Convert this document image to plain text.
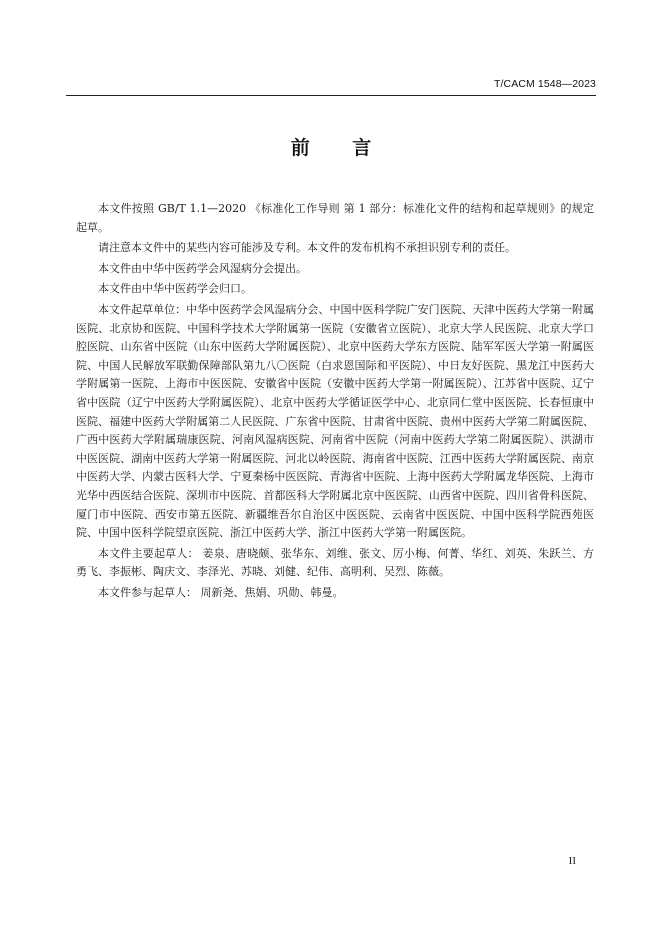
T/CACM 1548—2023
前 言

本文件按照 GB/T 1.1—2020 《标准化工作导则 第 1 部分：标准化文件的结构和起草规则》的规定起草。

请注意本文件中的某些内容可能涉及专利。本文件的发布机构不承担识别专利的责任。

本文件由中华中医药学会风湿病分会提出。

本文件由中华中医药学会归口。

本文件起草单位：中华中医药学会风湿病分会、中国中医科学院广安门医院、天津中医药大学第一附属医院、北京协和医院、中国科学技术大学附属第一医院（安徽省立医院）、北京大学人民医院、北京大学口腔医院、山东省中医院（山东中医药大学附属医院）、北京中医药大学东方医院、陆军军医大学第一附属医院、中国人民解放军联勤保障部队第九八〇医院（白求恩国际和平医院）、中日友好医院、黑龙江中医药大学附属第一医院、上海市中医医院、安徽省中医院（安徽中医药大学第一附属医院）、江苏省中医院、辽宁省中医院（辽宁中医药大学附属医院）、北京中医药大学循证医学中心、北京同仁堂中医医院、长春恒康中医院、福建中医药大学附属第二人民医院、广东省中医院、甘肃省中医院、贵州中医药大学第二附属医院、广西中医药大学附属瑞康医院、河南风湿病医院、河南省中医院（河南中医药大学第二附属医院）、洪湖市中医医院、湖南中医药大学第一附属医院、河北以岭医院、海南省中医院、江西中医药大学附属医院、南京中医药大学、内蒙古医科大学、宁夏秦杨中医医院、青海省中医院、上海中医药大学附属龙华医院、上海市光华中西医结合医院、深圳市中医院、首都医科大学附属北京中医医院、山西省中医院、四川省骨科医院、厦门市中医院、西安市第五医院、新疆维吾尔自治区中医医院、云南省中医医院、中国中医科学院西苑医院、中国中医科学院望京医院、浙江中医药大学、浙江中医药大学第一附属医院。

本文件主要起草人： 姜泉、唐晓颇、张华东、刘维、张文、厉小梅、何菁、华红、刘英、朱跃兰、方勇飞、李振彬、陶庆文、李泽光、苏晓、刘健、纪伟、高明利、吴烈、陈薇。

本文件参与起草人： 周新尧、焦娟、巩勋、韩曼。

II
